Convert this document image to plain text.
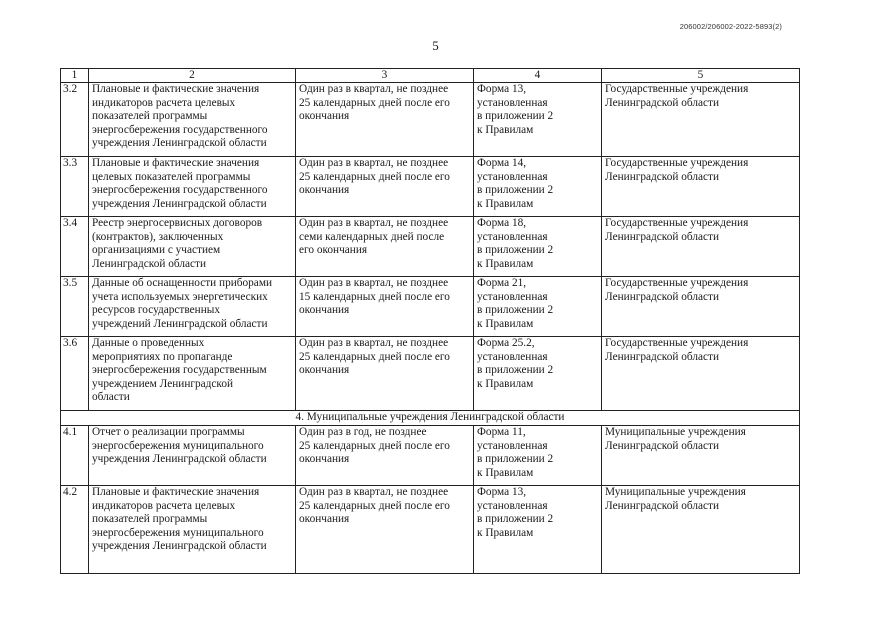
206002/206002-2022-5893(2)
5
1	2	3	4	5
3.2	Плановые и фактические значения
индикаторов расчета целевых
показателей программы
энергосбережения государственного
учреждения Ленинградской области	Один раз в квартал, не позднее
25 календарных дней после его
окончания	Форма 13,
установленная
в приложении 2
к Правилам	Государственные учреждения
Ленинградской области
3.3	Плановые и фактические значения
целевых показателей программы
энергосбережения государственного
учреждения Ленинградской области	Один раз в квартал, не позднее
25 календарных дней после его
окончания	Форма 14,
установленная
в приложении 2
к Правилам	Государственные учреждения
Ленинградской области
3.4	Реестр энергосервисных договоров
(контрактов), заключенных
организациями с участием
Ленинградской области	Один раз в квартал, не позднее
семи календарных дней после
его окончания	Форма 18,
установленная
в приложении 2
к Правилам	Государственные учреждения
Ленинградской области
3.5	Данные об оснащенности приборами
учета используемых энергетических
ресурсов государственных
учреждений Ленинградской области	Один раз в квартал, не позднее
15 календарных дней после его
окончания	Форма 21,
установленная
в приложении 2
к Правилам	Государственные учреждения
Ленинградской области
3.6	Данные о проведенных
мероприятиях по пропаганде
энергосбережения государственным
учреждением Ленинградской
области	Один раз в квартал, не позднее
25 календарных дней после его
окончания	Форма 25.2,
установленная
в приложении 2
к Правилам	Государственные учреждения
Ленинградской области
4. Муниципальные учреждения Ленинградской области				
4.1	Отчет о реализации программы
энергосбережения муниципального
учреждения Ленинградской области	Один раз в год, не позднее
25 календарных дней после его
окончания	Форма 11,
установленная
в приложении 2
к Правилам	Муниципальные учреждения
Ленинградской области
4.2	Плановые и фактические значения
индикаторов расчета целевых
показателей программы
энергосбережения муниципального
учреждения Ленинградской области	Один раз в квартал, не позднее
25 календарных дней после его
окончания	Форма 13,
установленная
в приложении 2
к Правилам	Муниципальные учреждения
Ленинградской области
